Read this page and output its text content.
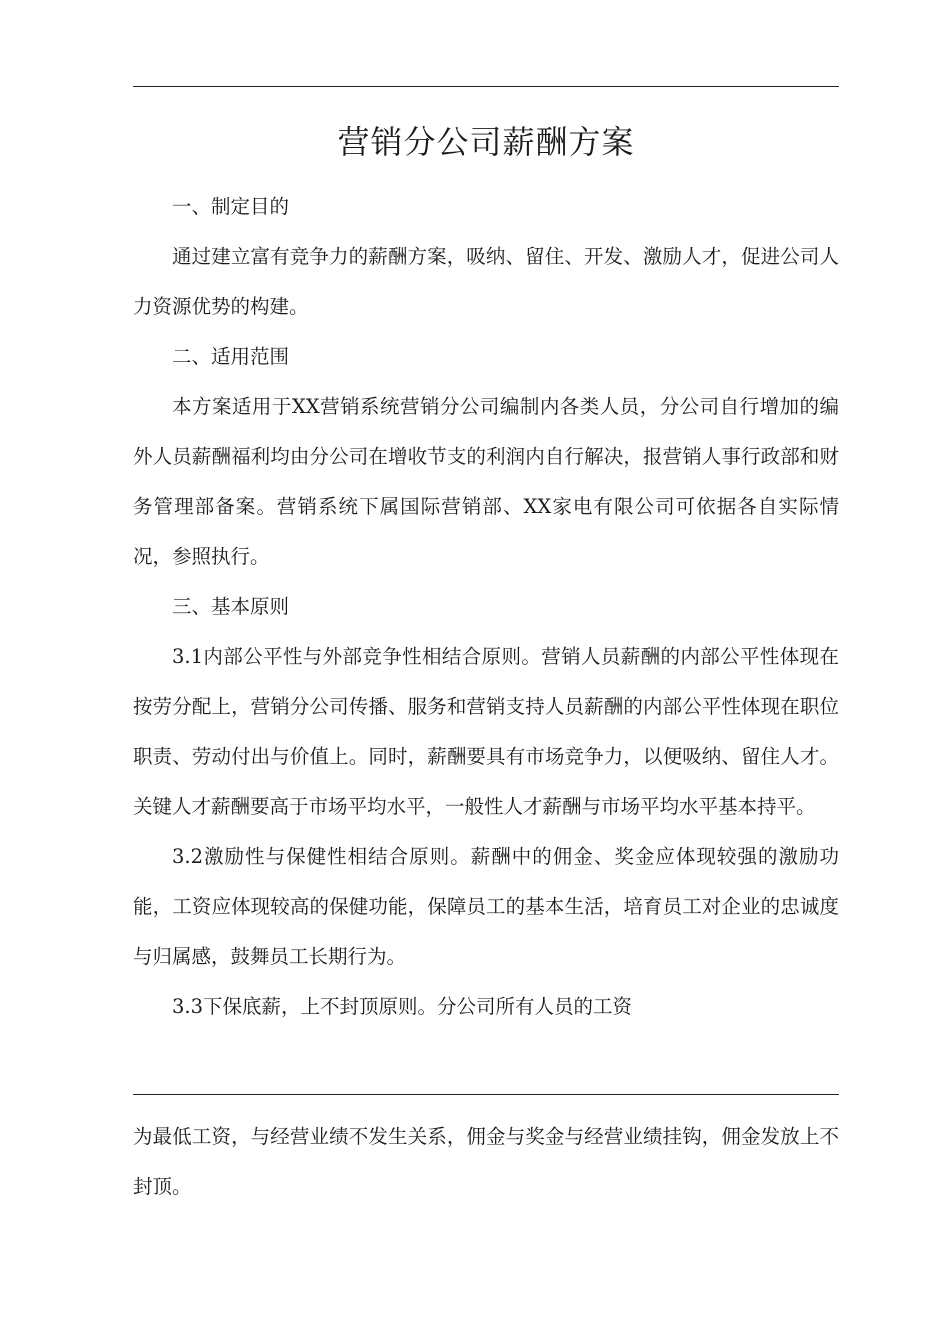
营销分公司薪酬方案
一、制定目的

通过建立富有竞争力的薪酬方案，吸纳、留住、开发、激励人才，促进公司人力资源优势的构建。

二、适用范围

本方案适用于XX营销系统营销分公司编制内各类人员，分公司自行增加的编外人员薪酬福利均由分公司在增收节支的利润内自行解决，报营销人事行政部和财务管理部备案。营销系统下属国际营销部、XX家电有限公司可依据各自实际情况，参照执行。

三、基本原则

3.1内部公平性与外部竞争性相结合原则。营销人员薪酬的内部公平性体现在按劳分配上，营销分公司传播、服务和营销支持人员薪酬的内部公平性体现在职位职责、劳动付出与价值上。同时，薪酬要具有市场竞争力，以便吸纳、留住人才。关键人才薪酬要高于市场平均水平，一般性人才薪酬与市场平均水平基本持平。

3.2激励性与保健性相结合原则。薪酬中的佣金、奖金应体现较强的激励功能，工资应体现较高的保健功能，保障员工的基本生活，培育员工对企业的忠诚度与归属感，鼓舞员工长期行为。

3.3下保底薪，上不封顶原则。分公司所有人员的工资

为最低工资，与经营业绩不发生关系，佣金与奖金与经营业绩挂钩，佣金发放上不封顶。
